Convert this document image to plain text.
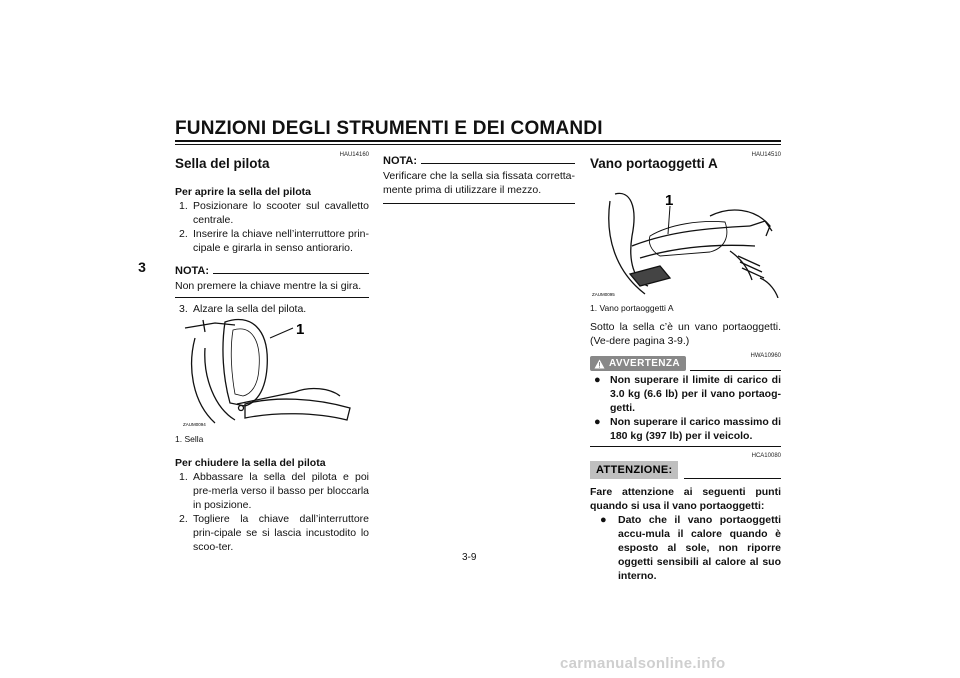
FUNZIONI DEGLI STRUMENTI E DEI COMANDI
3
HAU14160
Sella del pilota
Per aprire la sella del pilota
1. Posizionare lo scooter sul cavalletto centrale.
2. Inserire la chiave nell’interruttore prin-cipale e girarla in senso antiorario.
NOTA:
Non premere la chiave mentre la si gira.
3. Alzare la sella del pilota.
1
ZAUM0094
1. Sella
Per chiudere la sella del pilota
1. Abbassare la sella del pilota e poi pre-merla verso il basso per bloccarla in posizione.
2. Togliere la chiave dall’interruttore prin-cipale se si lascia incustodito lo scoo-ter.
NOTA:
Verificare che la sella sia fissata corretta-mente prima di utilizzare il mezzo.
HAU14510
Vano portaoggetti A
1
ZAUM0095
1. Vano portaoggetti A
Sotto la sella c’è un vano portaoggetti. (Ve-dere pagina 3-9.)
AVVERTENZA
HWA10960
● Non superare il limite di carico di 3.0 kg (6.6 lb) per il vano portaog-getti.
● Non superare il carico massimo di 180 kg (397 lb) per il veicolo.
HCA10080
ATTENZIONE:
Fare attenzione ai seguenti punti quando si usa il vano portaoggetti:
● Dato che il vano portaoggetti accu-mula il calore quando è esposto al sole, non riporre oggetti sensibili al calore al suo interno.
3-9
carmanualsonline.info
